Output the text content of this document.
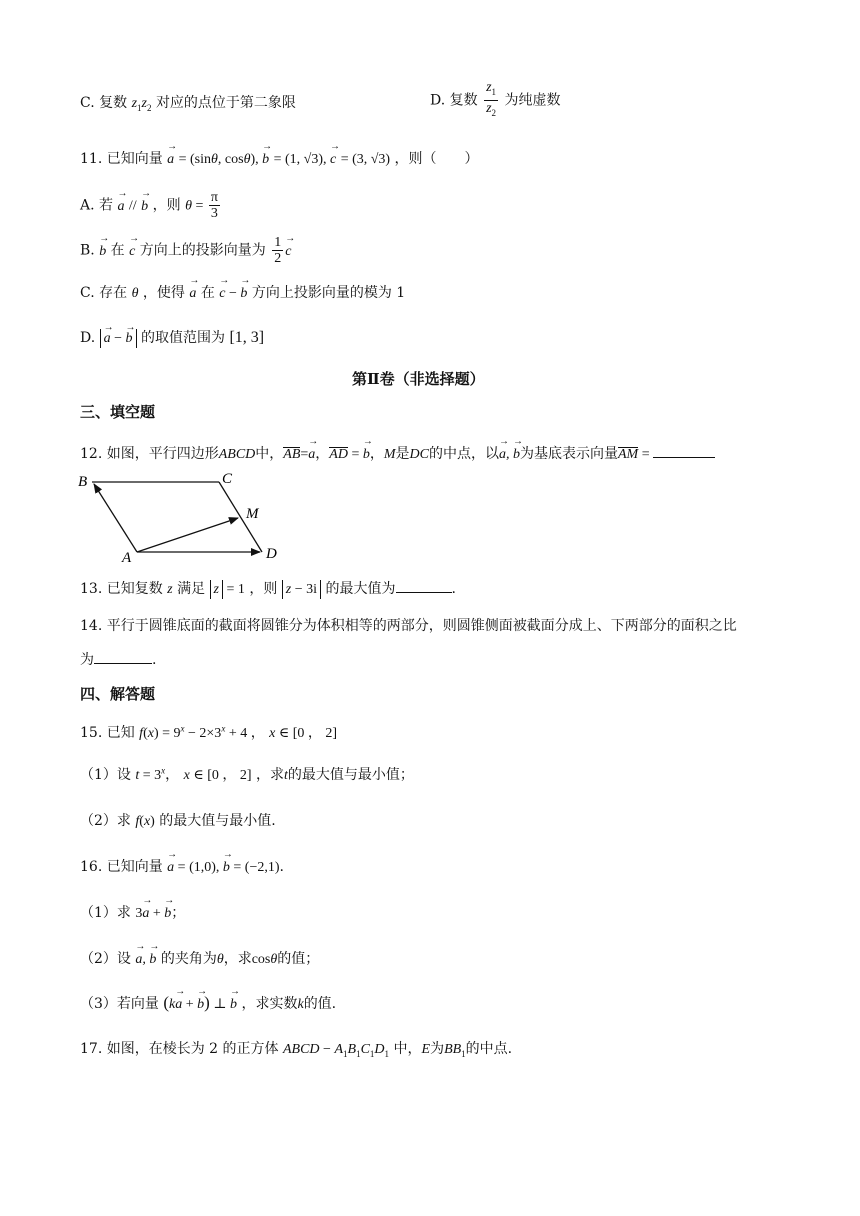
C. 复数 $z_1z_2$ 对应的点位于第二象限	D. 复数 $\frac{z_1}{z_2}$ 为纯虚数
11. 已知向量 → a = (sinθ, cosθ), → b = (1, √3), → c = (3, √3) ，则（　　）
A. 若 → a // → b ，则 $\theta = \frac{\pi}{3}$
B. → b 在 → c 方向上的投影向量为 $\frac{1}{2}$
→ c
C. 存在 θ ，使得 → a 在 → c − → b 方向上投影向量的模为 1
D. → a − → b 的取值范围为 [1, 3]
第Ⅱ卷（非选择题）
三、填空题
12. 如图，平行四边形ABCD中，AB=→ a，AD = → b，M是DC的中点，以→ a, → b为基底表示向量AM =
B	C
M
A	D
13. 已知复数 z 满足 z = 1 ，则 z − 3i 的最大值为	.
14. 平行于圆锥底面的截面将圆锥分为体积相等的两部分，则圆锥侧面被截面分成上、下两部分的面积之比
为	.
四、解答题
15. 已知 $f(x) = 9^x - 2\times 3^x + 4$ ， x ∈ [0 ， 2]
（1）设 $t = 3^x$， x ∈ [0 ， 2] ，求t的最大值与最小值；
（2）求 f(x) 的最大值与最小值.
16. 已知向量 → a = (1,0), → b = (−2,1).
（1）求 3→ a + → b；
（2）设 → a, → b 的夹角为θ，求cosθ的值；
（3）若向量 (k→ a + → b) ⊥ → b ，求实数k的值.
17. 如图，在棱长为 2 的正方体 ABCD − $A_1B_1C_1D_1$ 中，E为$BB_1$的中点.
